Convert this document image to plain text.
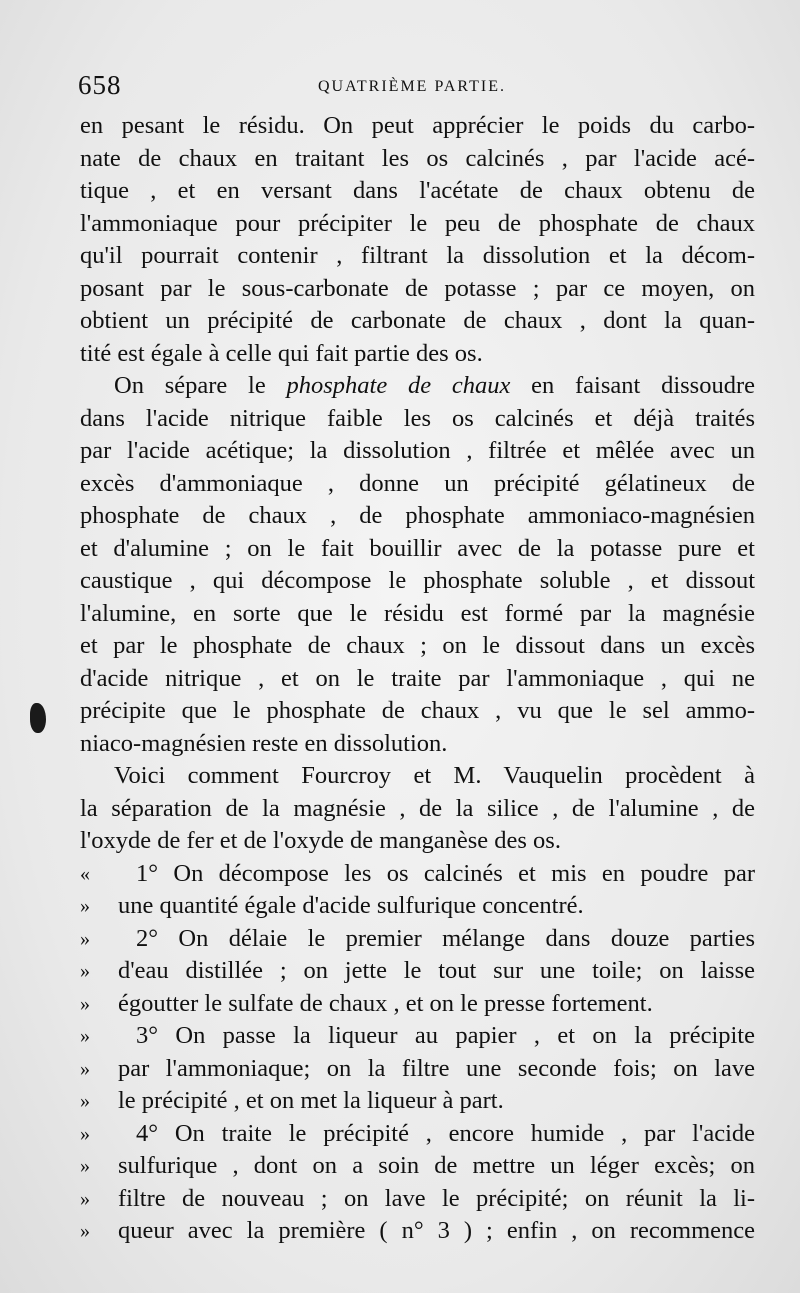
658	QUATRIÈME PARTIE.
en pesant le résidu. On peut apprécier le poids du carbo-
nate de chaux en traitant les os calcinés , par l'acide acé-
tique , et en versant dans l'acétate de chaux obtenu de
l'ammoniaque pour précipiter le peu de phosphate de chaux
qu'il pourrait contenir , filtrant la dissolution et la décom-
posant par le sous-carbonate de potasse ; par ce moyen, on
obtient un précipité de carbonate de chaux , dont la quan-
tité est égale à celle qui fait partie des os.
On sépare le phosphate de chaux en faisant dissoudre
dans l'acide nitrique faible les os calcinés et déjà traités
par l'acide acétique; la dissolution , filtrée et mêlée avec un
excès d'ammoniaque , donne un précipité gélatineux de
phosphate de chaux , de phosphate ammoniaco-magnésien
et d'alumine ; on le fait bouillir avec de la potasse pure et
caustique , qui décompose le phosphate soluble , et dissout
l'alumine, en sorte que le résidu est formé par la magnésie
et par le phosphate de chaux ; on le dissout dans un excès
d'acide nitrique , et on le traite par l'ammoniaque , qui ne
précipite que le phosphate de chaux , vu que le sel ammo-
niaco-magnésien reste en dissolution.
Voici comment Fourcroy et M. Vauquelin procèdent à
la séparation de la magnésie , de la silice , de l'alumine , de
l'oxyde de fer et de l'oxyde de manganèse des os.
«	1° On décompose les os calcinés et mis en poudre par
»	une quantité égale d'acide sulfurique concentré.
»	2° On délaie le premier mélange dans douze parties
»	d'eau distillée ; on jette le tout sur une toile; on laisse
»	égoutter le sulfate de chaux , et on le presse fortement.
»	3° On passe la liqueur au papier , et on la précipite
»	par l'ammoniaque; on la filtre une seconde fois; on lave
»	le précipité , et on met la liqueur à part.
»	4° On traite le précipité , encore humide , par l'acide
»	sulfurique , dont on a soin de mettre un léger excès; on
»	filtre de nouveau ; on lave le précipité; on réunit la li-
»	queur avec la première ( n° 3 ) ; enfin , on recommence
